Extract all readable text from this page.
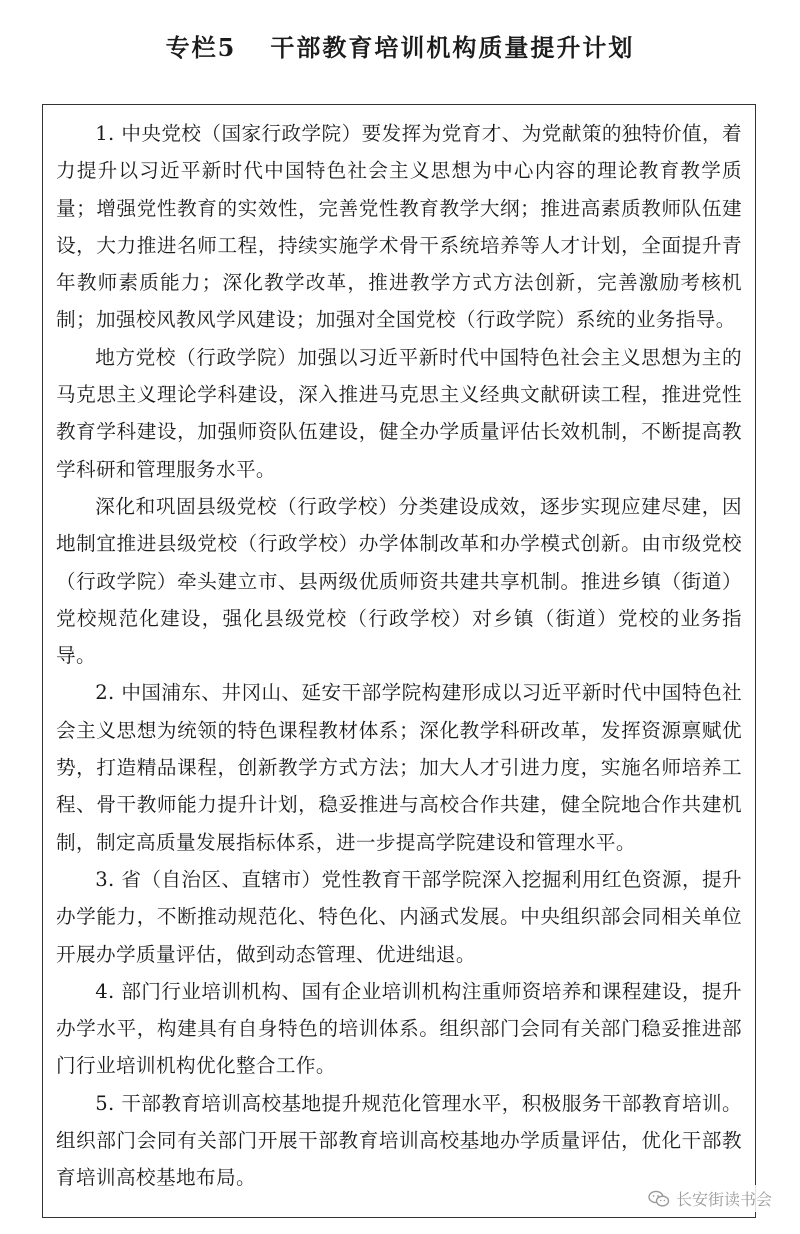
专栏5 干部教育培训机构质量提升计划

1. 中央党校（国家行政学院）要发挥为党育才、为党献策的独特价值，着力提升以习近平新时代中国特色社会主义思想为中心内容的理论教育教学质量；增强党性教育的实效性，完善党性教育教学大纲；推进高素质教师队伍建设，大力推进名师工程，持续实施学术骨干系统培养等人才计划，全面提升青年教师素质能力；深化教学改革，推进教学方式方法创新，完善激励考核机制；加强校风教风学风建设；加强对全国党校（行政学院）系统的业务指导。

地方党校（行政学院）加强以习近平新时代中国特色社会主义思想为主的马克思主义理论学科建设，深入推进马克思主义经典文献研读工程，推进党性教育学科建设，加强师资队伍建设，健全办学质量评估长效机制，不断提高教学科研和管理服务水平。

深化和巩固县级党校（行政学校）分类建设成效，逐步实现应建尽建，因地制宜推进县级党校（行政学校）办学体制改革和办学模式创新。由市级党校（行政学院）牵头建立市、县两级优质师资共建共享机制。推进乡镇（街道）党校规范化建设，强化县级党校（行政学校）对乡镇（街道）党校的业务指导。

2. 中国浦东、井冈山、延安干部学院构建形成以习近平新时代中国特色社会主义思想为统领的特色课程教材体系；深化教学科研改革，发挥资源禀赋优势，打造精品课程，创新教学方式方法；加大人才引进力度，实施名师培养工程、骨干教师能力提升计划，稳妥推进与高校合作共建，健全院地合作共建机制，制定高质量发展指标体系，进一步提高学院建设和管理水平。

3. 省（自治区、直辖市）党性教育干部学院深入挖掘利用红色资源，提升办学能力，不断推动规范化、特色化、内涵式发展。中央组织部会同相关单位开展办学质量评估，做到动态管理、优进绌退。

4. 部门行业培训机构、国有企业培训机构注重师资培养和课程建设，提升办学水平，构建具有自身特色的培训体系。组织部门会同有关部门稳妥推进部门行业培训机构优化整合工作。

5. 干部教育培训高校基地提升规范化管理水平，积极服务干部教育培训。组织部门会同有关部门开展干部教育培训高校基地办学质量评估，优化干部教育培训高校基地布局。

长安街读书会
